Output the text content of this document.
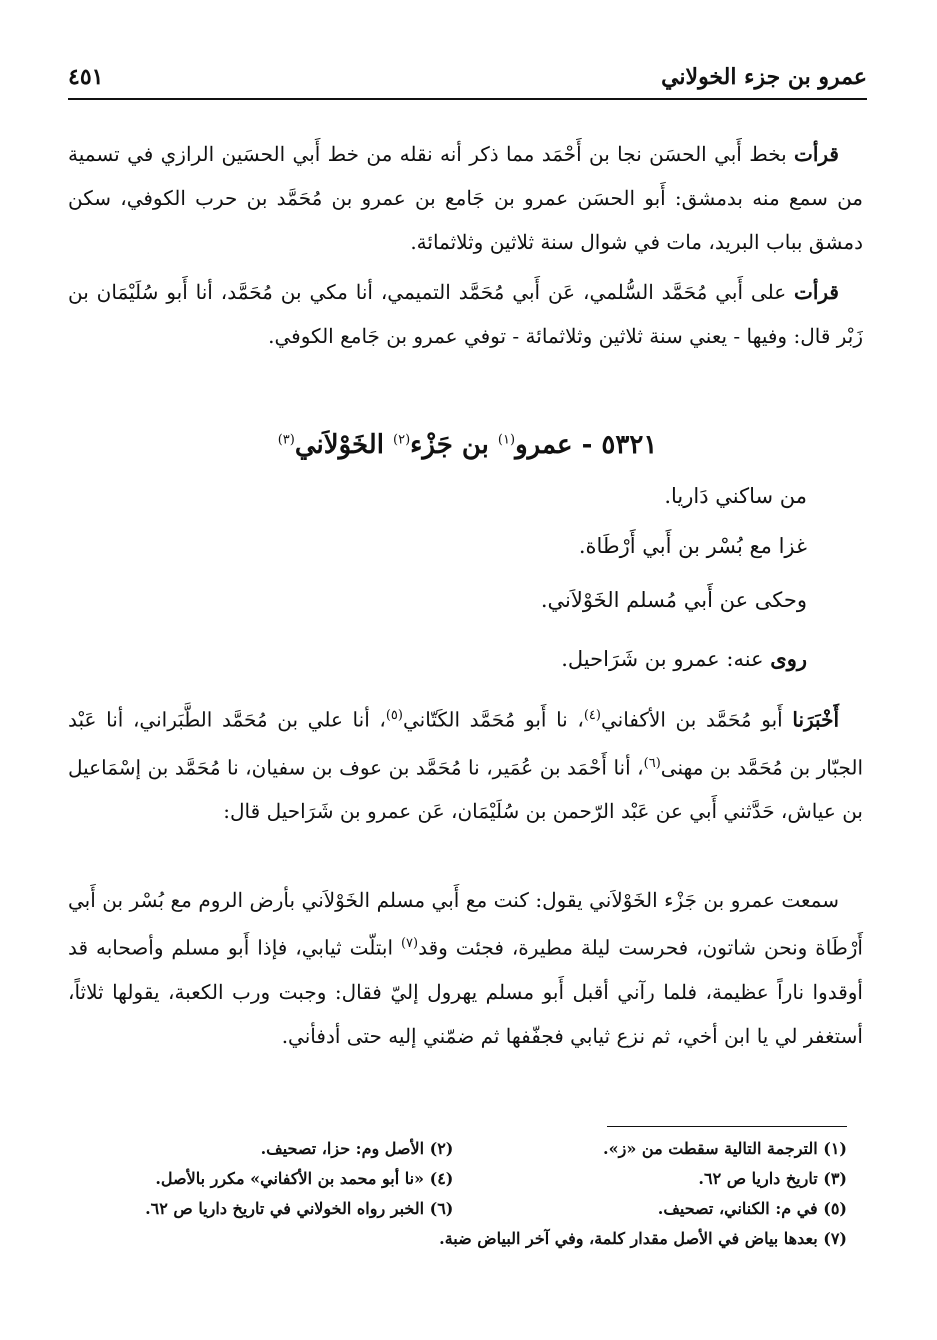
عمرو بن جزء الخولاني
٤٥١

قرأت بخط أَبي الحسَن نجا بن أَحْمَد مما ذكر أنه نقله من خط أَبي الحسَين الرازي في تسمية من سمع منه بدمشق: أَبو الحسَن عمرو بن جَامع بن عمرو بن مُحَمَّد بن حرب الكوفي، سكن دمشق بباب البريد، مات في شوال سنة ثلاثين وثلاثمائة.

قرأت على أَبي مُحَمَّد السُّلمي، عَن أَبي مُحَمَّد التميمي، أنا مكي بن مُحَمَّد، أنا أَبو سُلَيْمَان بن زَبْر قال: وفيها - يعني سنة ثلاثين وثلاثمائة - توفي عمرو بن جَامع الكوفي.

٥٣٢١ - عمرو$^{(١)}$ بن جَزْء$^{(٢)}$ الخَوْلاَني$^{(٣)}$
من ساكني دَاريا.
غزا مع بُسْر بن أَبي أَرْطَاة.
وحكى عن أَبي مُسلم الخَوْلاَني.
روى عنه: عمرو بن شَرَاحيل.

أَخْبَرَنا أَبو مُحَمَّد بن الأكفاني$^{(٤)}$، نا أَبو مُحَمَّد الكَتّاني$^{(٥)}$، أنا علي بن مُحَمَّد الطَّبَراني، أنا عَبْد الجبّار بن مُحَمَّد بن مهنى$^{(٦)}$، أنا أَحْمَد بن عُمَير، نا مُحَمَّد بن عوف بن سفيان، نا مُحَمَّد بن إسْمَاعيل بن عياش، حَدَّثني أَبي عن عَبْد الرّحمن بن سُلَيْمَان، عَن عمرو بن شَرَاحيل قال:

سمعت عمرو بن جَزْء الخَوْلاَني يقول: كنت مع أَبي مسلم الخَوْلاَني بأرض الروم مع بُسْر بن أَبي أَرْطَاة ونحن شاتون، فحرست ليلة مطيرة، فجئت وقد$^{(٧)}$ ابتلّت ثيابي، فإذا أَبو مسلم وأصحابه قد أوقدوا ناراً عظيمة، فلما رآني أقبل أَبو مسلم يهرول إليّ فقال: وجبت ورب الكعبة، يقولها ثلاثاً، أستغفر لي يا ابن أخي، ثم نزع ثيابي فجفّفها ثم ضمّني إليه حتى أدفأني.

(١) الترجمة التالية سقطت من «ز».
(٢) الأصل وم: حزا، تصحيف.
(٣) تاريخ داريا ص ٦٢.
(٤) «نا أبو محمد بن الأكفاني» مكرر بالأصل.
(٥) في م: الكناني، تصحيف.
(٦) الخبر رواه الخولاني في تاريخ داريا ص ٦٢.
(٧) بعدها بياض في الأصل مقدار كلمة، وفي آخر البياض ضبة.
